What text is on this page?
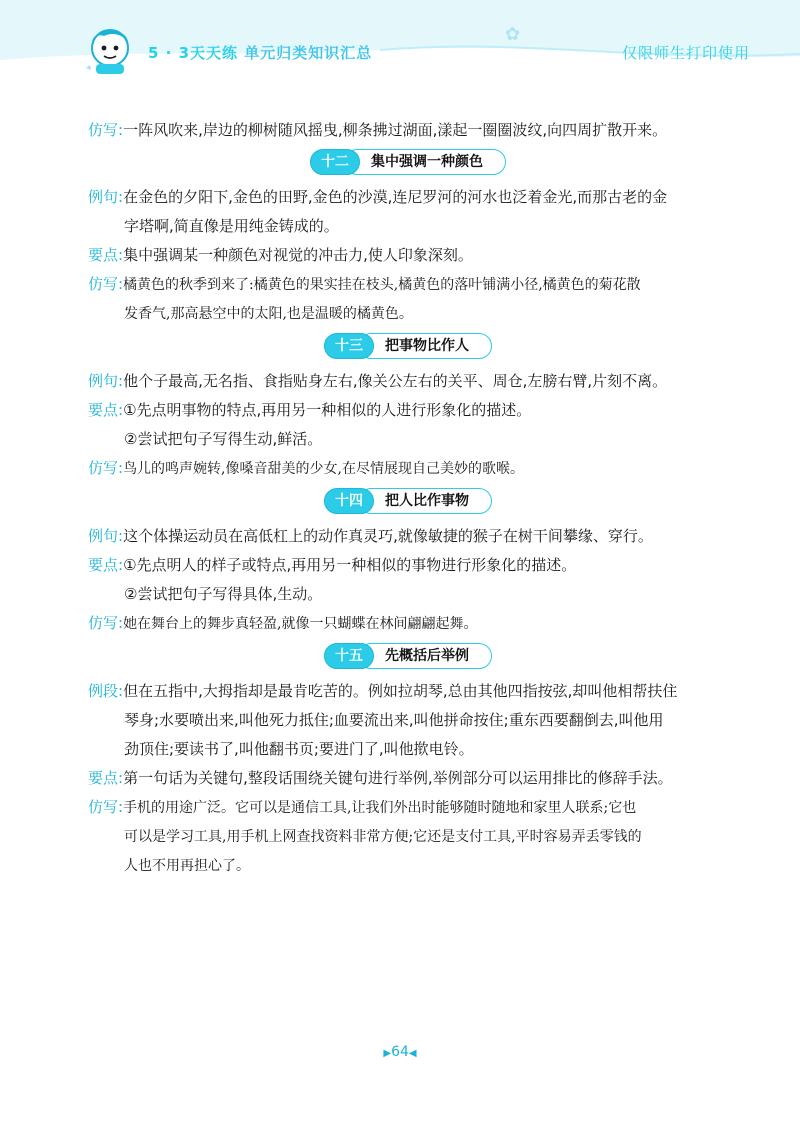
✿
5 · 3天天练 单元归类知识汇总	仅限师生打印使用
仿写:一阵风吹来,岸边的柳树随风摇曳,柳条拂过湖面,漾起一圈圈波纹,向四周扩散开来。
十二	集中强调一种颜色
例句:在金色的夕阳下,金色的田野,金色的沙漠,连尼罗河的河水也泛着金光,而那古老的金
字塔啊,简直像是用纯金铸成的。
要点:集中强调某一种颜色对视觉的冲击力,使人印象深刻。
仿写:橘黄色的秋季到来了:橘黄色的果实挂在枝头,橘黄色的落叶铺满小径,橘黄色的菊花散
发香气,那高悬空中的太阳,也是温暖的橘黄色。
十三	把事物比作人
例句:他个子最高,无名指、食指贴身左右,像关公左右的关平、周仓,左膀右臂,片刻不离。
要点:①先点明事物的特点,再用另一种相似的人进行形象化的描述。
②尝试把句子写得生动,鲜活。
仿写:鸟儿的鸣声婉转,像嗓音甜美的少女,在尽情展现自己美妙的歌喉。
十四	把人比作事物
例句:这个体操运动员在高低杠上的动作真灵巧,就像敏捷的猴子在树干间攀缘、穿行。
要点:①先点明人的样子或特点,再用另一种相似的事物进行形象化的描述。
②尝试把句子写得具体,生动。
仿写:她在舞台上的舞步真轻盈,就像一只蝴蝶在林间翩翩起舞。
十五	先概括后举例
例段:但在五指中,大拇指却是最肯吃苦的。例如拉胡琴,总由其他四指按弦,却叫他相帮扶住
琴身;水要喷出来,叫他死力抵住;血要流出来,叫他拼命按住;重东西要翻倒去,叫他用
劲顶住;要读书了,叫他翻书页;要进门了,叫他揿电铃。
要点:第一句话为关键句,整段话围绕关键句进行举例,举例部分可以运用排比的修辞手法。
仿写:手机的用途广泛。它可以是通信工具,让我们外出时能够随时随地和家里人联系;它也
可以是学习工具,用手机上网查找资料非常方便;它还是支付工具,平时容易弄丢零钱的
人也不用再担心了。
▶64◀
